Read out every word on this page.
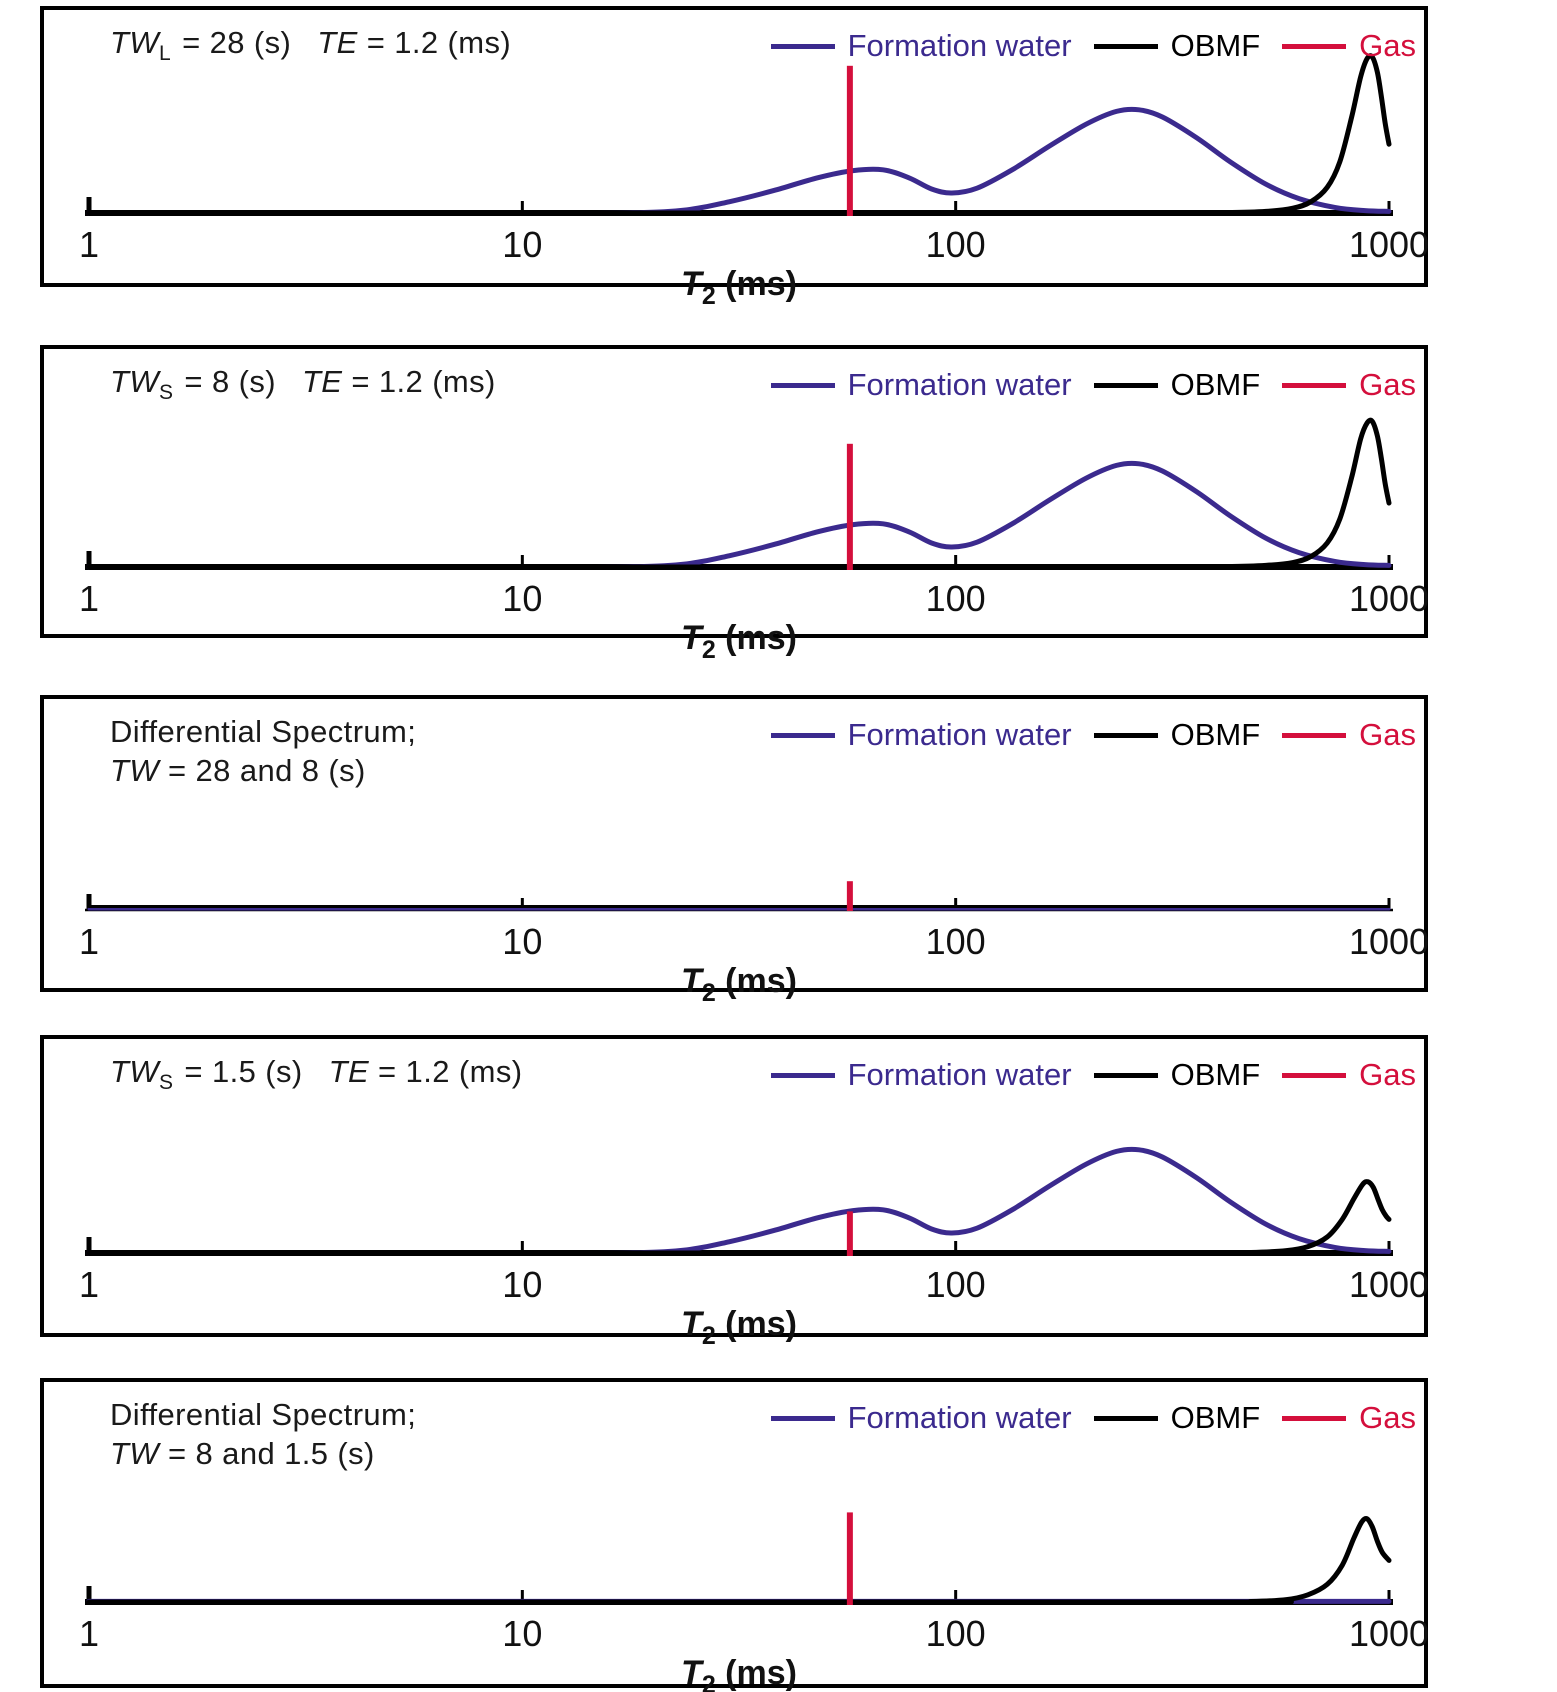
$TW_L = 28$ (s) TE = 1.2 (ms)	Formation water	OBMF	Gas
1	10	100	1000
$T_2$ (ms)
$TW_S = 8$ (s) TE = 1.2 (ms)	Formation water	OBMF	Gas
1	10	100	1000
$T_2$ (ms)
Differential Spectrum;
TW = 28 and 8 (s)
Formation water	OBMF	Gas
1	10	100	1000
$T_2$ (ms)
$TW_S = 1.5$ (s) TE = 1.2 (ms)	Formation water	OBMF	Gas
1	10	100	1000
$T_2$ (ms)
Differential Spectrum;
TW = 8 and 1.5 (s)
Formation water	OBMF	Gas
1	10	100	1000
$T_2$ (ms)
